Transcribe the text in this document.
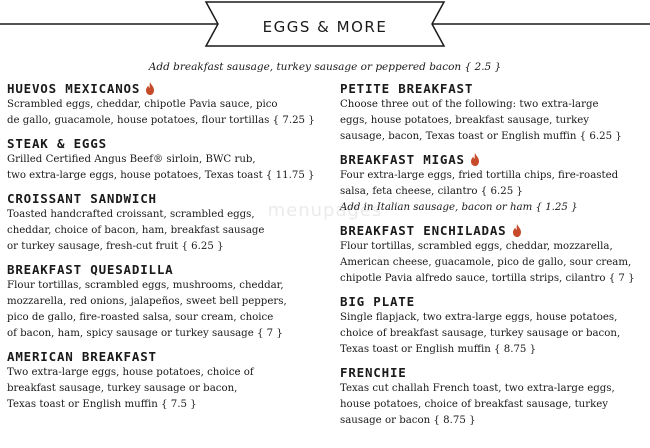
EGGS & MORE
Add breakfast sausage, turkey sausage or peppered bacon { 2.5 }
menupages
HUEVOS MEXICANOS
Scrambled eggs, cheddar, chipotle Pavia sauce, pico
de gallo, guacamole, house potatoes, flour tortillas { 7.25 }
STEAK & EGGS
Grilled Certified Angus Beef® sirloin, BWC rub,
two extra-large eggs, house potatoes, Texas toast { 11.75 }
CROISSANT SANDWICH
Toasted handcrafted croissant, scrambled eggs,
cheddar, choice of bacon, ham, breakfast sausage
or turkey sausage, fresh-cut fruit { 6.25 }
BREAKFAST QUESADILLA
Flour tortillas, scrambled eggs, mushrooms, cheddar,
mozzarella, red onions, jalapeños, sweet bell peppers,
pico de gallo, fire-roasted salsa, sour cream, choice
of bacon, ham, spicy sausage or turkey sausage { 7 }
AMERICAN BREAKFAST
Two extra-large eggs, house potatoes, choice of
breakfast sausage, turkey sausage or bacon,
Texas toast or English muffin { 7.5 }
PETITE BREAKFAST
Choose three out of the following: two extra-large
eggs, house potatoes, breakfast sausage, turkey
sausage, bacon, Texas toast or English muffin { 6.25 }
BREAKFAST MIGAS
Four extra-large eggs, fried tortilla chips, fire-roasted
salsa, feta cheese, cilantro { 6.25 }
Add in Italian sausage, bacon or ham { 1.25 }
BREAKFAST ENCHILADAS
Flour tortillas, scrambled eggs, cheddar, mozzarella,
American cheese, guacamole, pico de gallo, sour cream,
chipotle Pavia alfredo sauce, tortilla strips, cilantro { 7 }
BIG PLATE
Single flapjack, two extra-large eggs, house potatoes,
choice of breakfast sausage, turkey sausage or bacon,
Texas toast or English muffin { 8.75 }
FRENCHIE
Texas cut challah French toast, two extra-large eggs,
house potatoes, choice of breakfast sausage, turkey
sausage or bacon { 8.75 }
